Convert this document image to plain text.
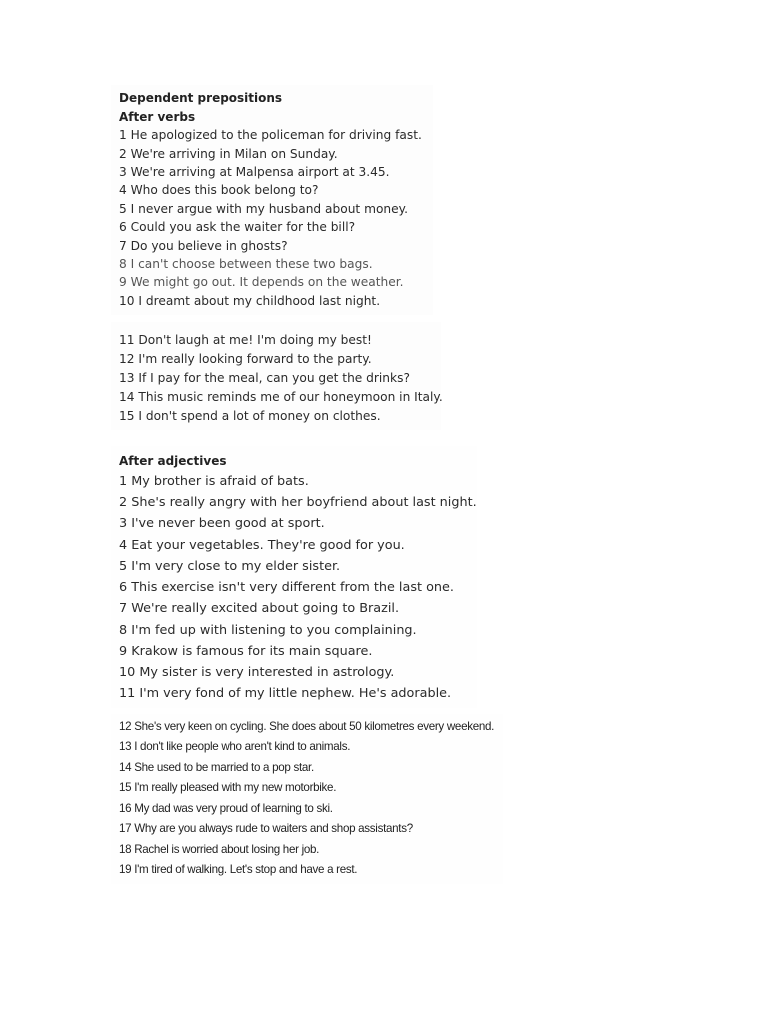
Dependent prepositions
After verbs
1 He apologized to the policeman for driving fast.
2 We're arriving in Milan on Sunday.
3 We're arriving at Malpensa airport at 3.45.
4 Who does this book belong to?
5 I never argue with my husband about money.
6 Could you ask the waiter for the bill?
7 Do you believe in ghosts?
8 I can't choose between these two bags.
9 We might go out. It depends on the weather.
10 I dreamt about my childhood last night.
11 Don't laugh at me! I'm doing my best!
12 I'm really looking forward to the party.
13 If I pay for the meal, can you get the drinks?
14 This music reminds me of our honeymoon in Italy.
15 I don't spend a lot of money on clothes.
After adjectives
1 My brother is afraid of bats.
2 She's really angry with her boyfriend about last night.
3 I've never been good at sport.
4 Eat your vegetables. They're good for you.
5 I'm very close to my elder sister.
6 This exercise isn't very different from the last one.
7 We're really excited about going to Brazil.
8 I'm fed up with listening to you complaining.
9 Krakow is famous for its main square.
10 My sister is very interested in astrology.
11 I'm very fond of my little nephew. He's adorable.
12 She's very keen on cycling. She does about 50 kilometres every weekend.
13 I don't like people who aren't kind to animals.
14 She used to be married to a pop star.
15 I'm really pleased with my new motorbike.
16 My dad was very proud of learning to ski.
17 Why are you always rude to waiters and shop assistants?
18 Rachel is worried about losing her job.
19 I'm tired of walking. Let's stop and have a rest.
